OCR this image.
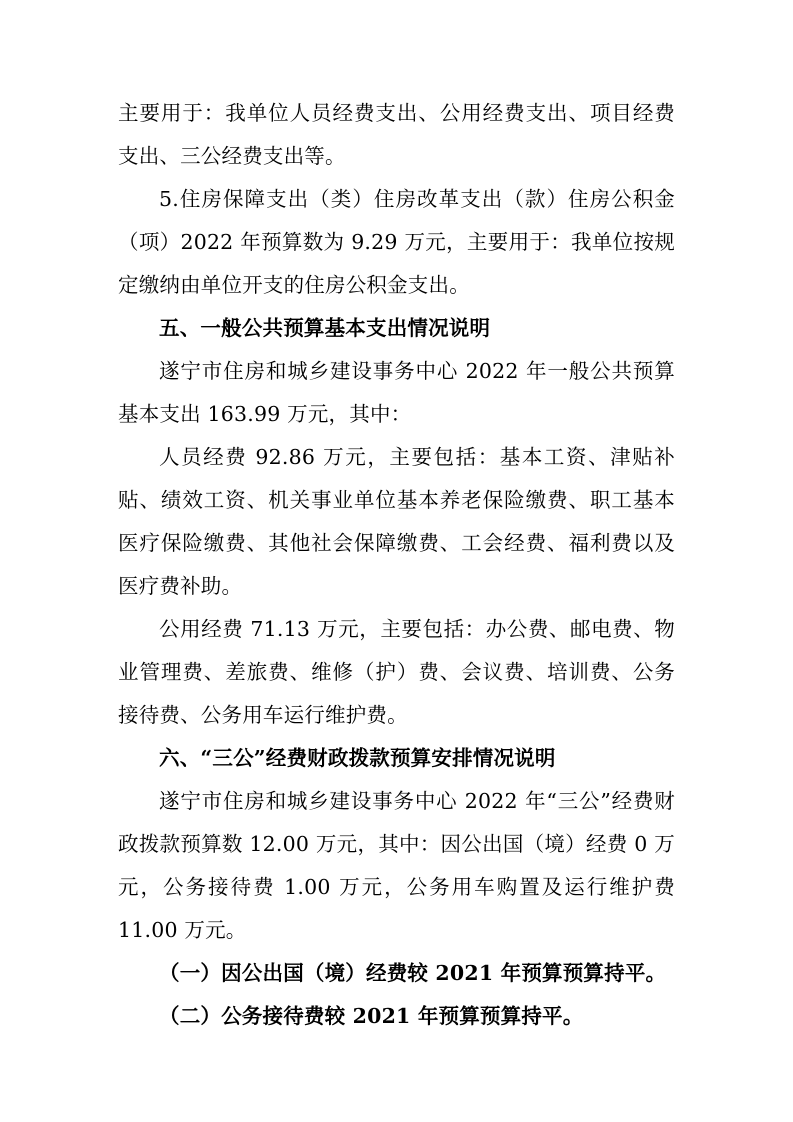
主要用于：我单位人员经费支出、公用经费支出、项目经费支出、三公经费支出等。

5.住房保障支出（类）住房改革支出（款）住房公积金（项）2022 年预算数为 9.29 万元，主要用于：我单位按规定缴纳由单位开支的住房公积金支出。

五、一般公共预算基本支出情况说明

遂宁市住房和城乡建设事务中心 2022 年一般公共预算基本支出 163.99 万元，其中：

人员经费 92.86 万元，主要包括：基本工资、津贴补贴、绩效工资、机关事业单位基本养老保险缴费、职工基本医疗保险缴费、其他社会保障缴费、工会经费、福利费以及医疗费补助。

公用经费 71.13 万元，主要包括：办公费、邮电费、物业管理费、差旅费、维修（护）费、会议费、培训费、公务接待费、公务用车运行维护费。

六、“三公”经费财政拨款预算安排情况说明

遂宁市住房和城乡建设事务中心 2022 年“三公”经费财政拨款预算数 12.00 万元，其中：因公出国（境）经费 0 万元，公务接待费 1.00 万元，公务用车购置及运行维护费 11.00 万元。

（一）因公出国（境）经费较 2021 年预算预算持平。

（二）公务接待费较 2021 年预算预算持平。
